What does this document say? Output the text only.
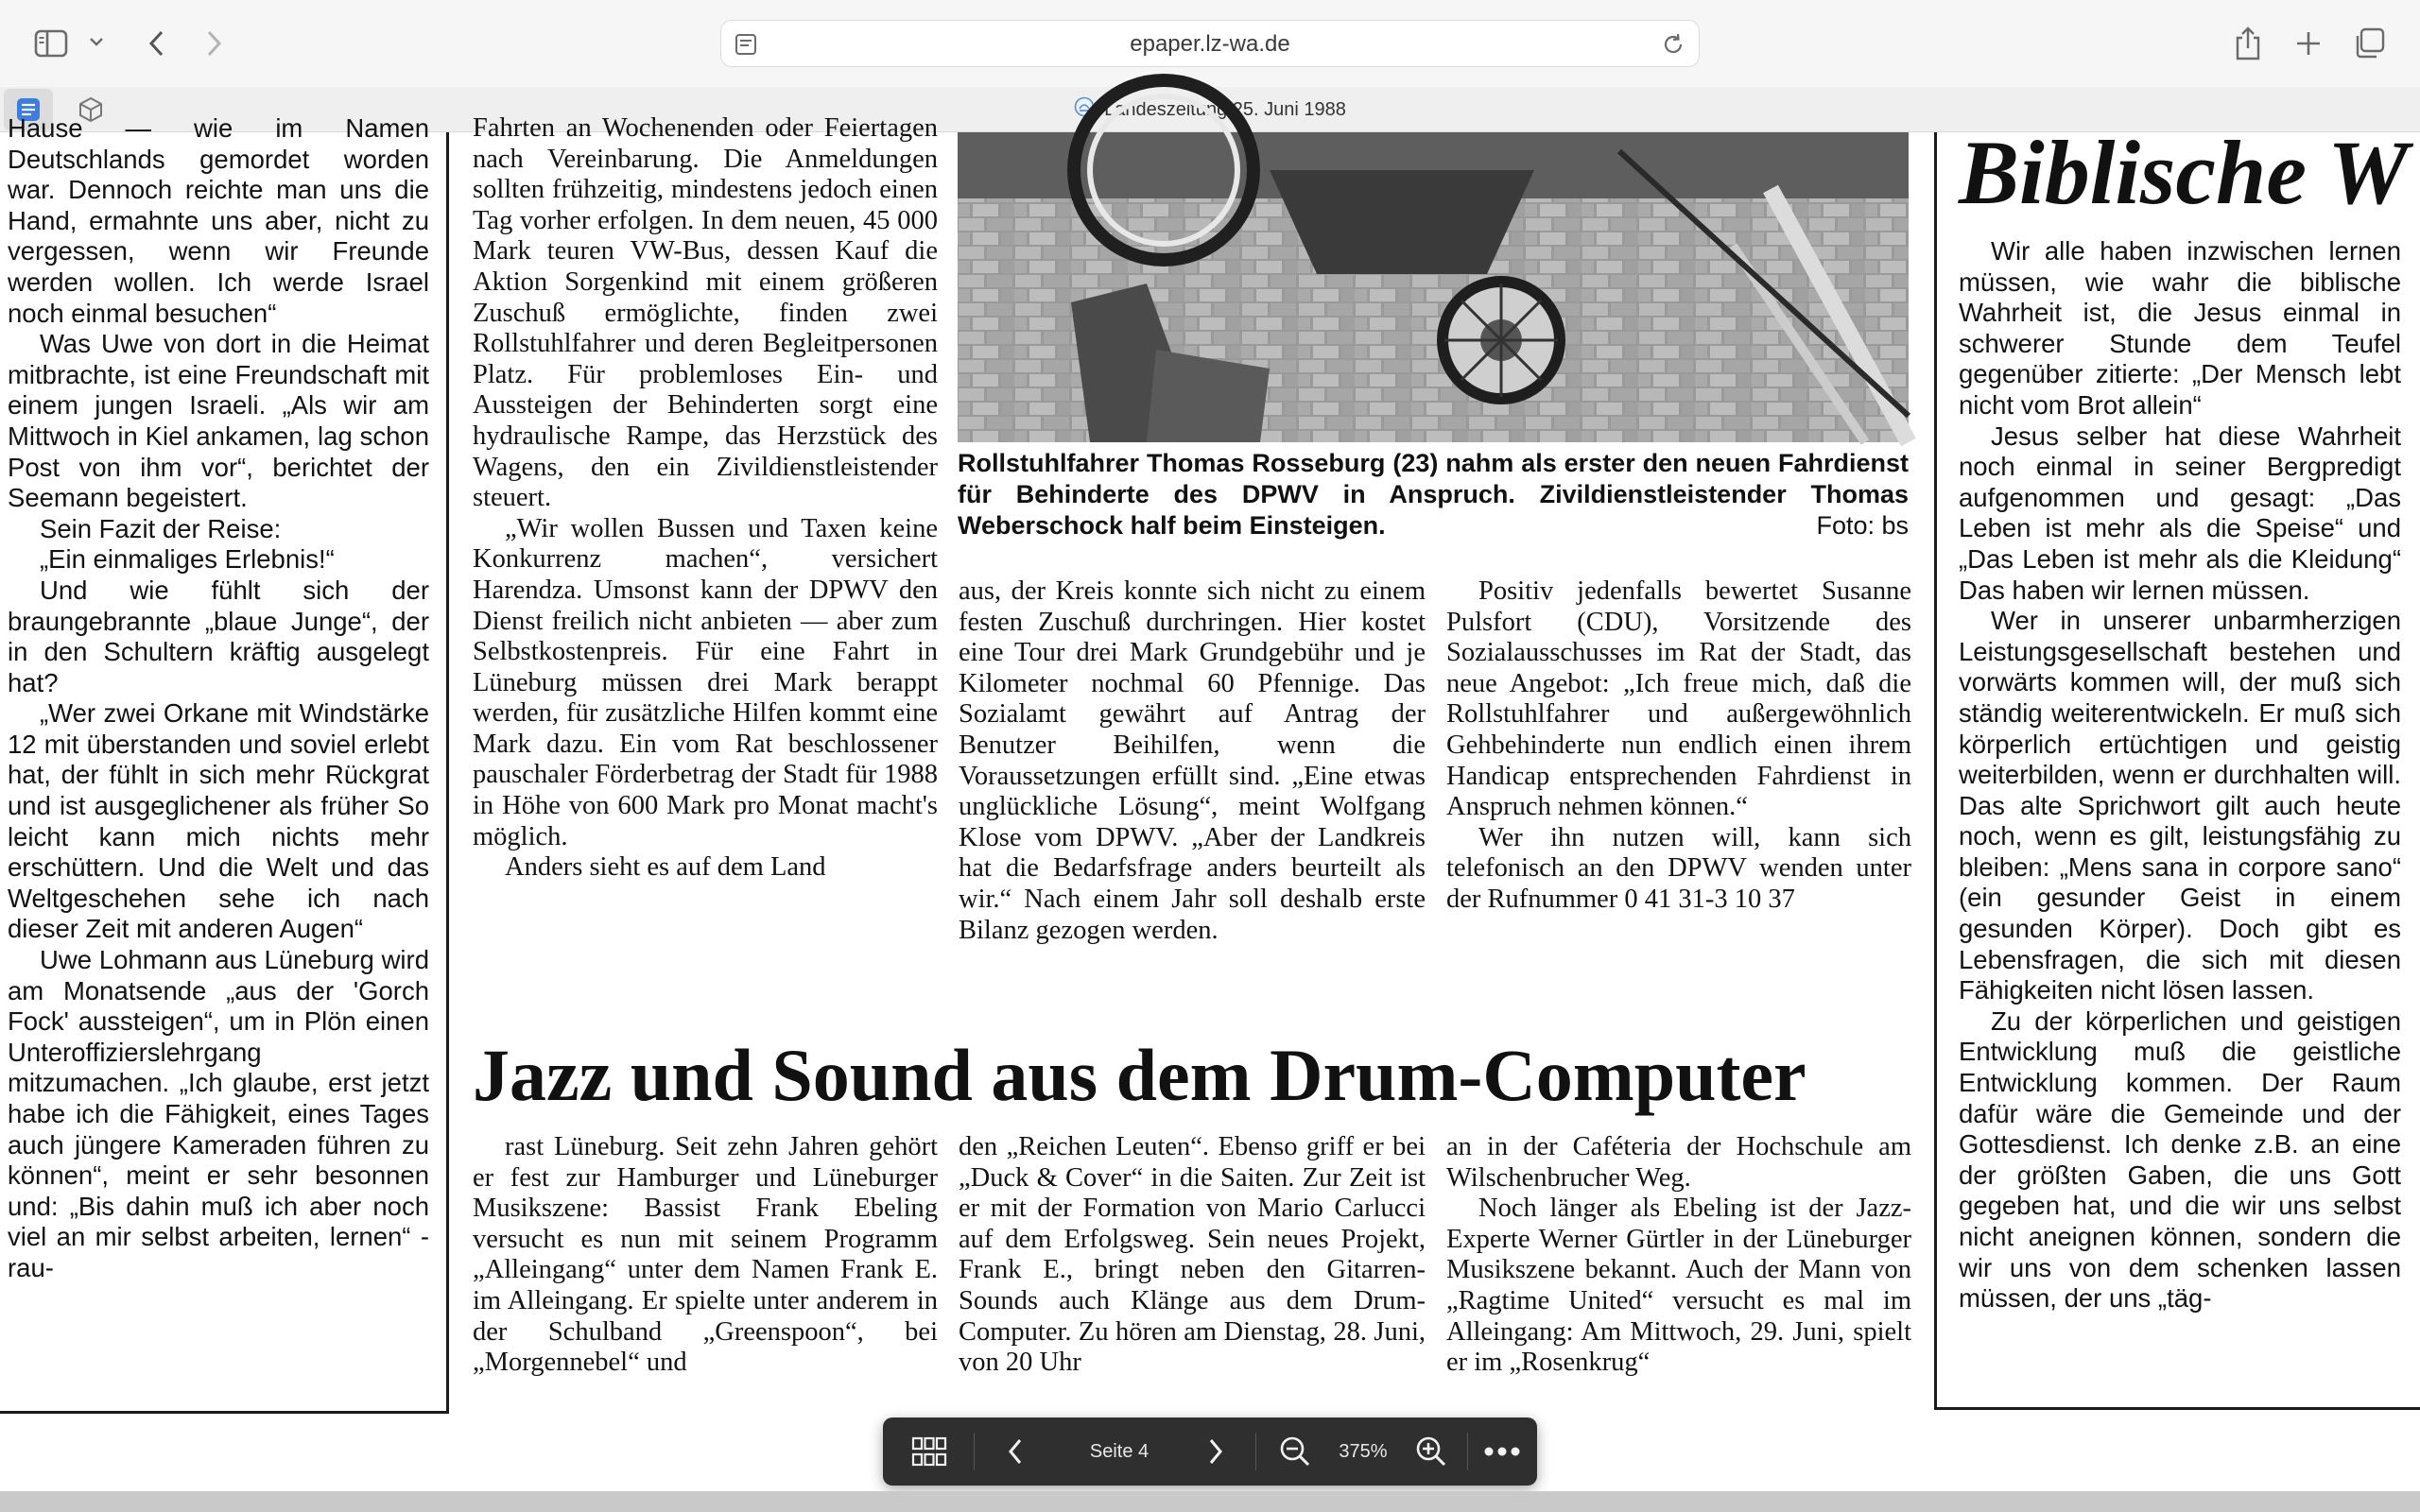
epaper.lz-wa.de
Landeszeitung 25. Juni 1988

Hause — wie im Namen Deutschlands gemordet worden war. Dennoch reichte man uns die Hand, ermahnte uns aber, nicht zu vergessen, wenn wir Freunde werden wollen. Ich werde Israel noch einmal besuchen“

Was Uwe von dort in die Heimat mitbrachte, ist eine Freundschaft mit einem jungen Israeli. „Als wir am Mittwoch in Kiel ankamen, lag schon Post von ihm vor“, berichtet der Seemann begeistert.

Sein Fazit der Reise:

„Ein einmaliges Erlebnis!“

Und wie fühlt sich der braungebrannte „blaue Junge“, der in den Schultern kräftig ausgelegt hat?

„Wer zwei Orkane mit Windstärke 12 mit überstanden und soviel erlebt hat, der fühlt in sich mehr Rückgrat und ist ausgeglichener als früher So leicht kann mich nichts mehr erschüttern. Und die Welt und das Weltgeschehen sehe ich nach dieser Zeit mit anderen Augen“

Uwe Lohmann aus Lüneburg wird am Monatsende „aus der 'Gorch Fock' aussteigen“, um in Plön einen Unteroffizierslehrgang mitzumachen. „Ich glaube, erst jetzt habe ich die Fähigkeit, eines Tages auch jüngere Kameraden führen zu können“, meint er sehr besonnen und: „Bis dahin muß ich aber noch viel an mir selbst arbeiten, lernen“ -rau-

Fahrten an Wochenenden oder Feiertagen nach Vereinbarung. Die Anmeldungen sollten frühzeitig, mindestens jedoch einen Tag vorher erfolgen. In dem neuen, 45 000 Mark teuren VW-Bus, dessen Kauf die Aktion Sorgenkind mit einem größeren Zuschuß ermöglichte, finden zwei Rollstuhlfahrer und deren Begleitpersonen Platz. Für problemloses Ein- und Aussteigen der Behinderten sorgt eine hydraulische Rampe, das Herzstück des Wagens, den ein Zivildienstleistender steuert.

„Wir wollen Bussen und Taxen keine Konkurrenz machen“, versichert Harendza. Umsonst kann der DPWV den Dienst freilich nicht anbieten — aber zum Selbstkostenpreis. Für eine Fahrt in Lüneburg müssen drei Mark berappt werden, für zusätzliche Hilfen kommt eine Mark dazu. Ein vom Rat beschlossener pauschaler Förderbetrag der Stadt für 1988 in Höhe von 600 Mark pro Monat macht's möglich.

Anders sieht es auf dem Land

Rollstuhlfahrer Thomas Rosseburg (23) nahm als erster den neuen Fahrdienst für Behinderte des DPWV in Anspruch. Zivildienstleistender Thomas Weberschock half beim Einsteigen.	Foto: bs

aus, der Kreis konnte sich nicht zu einem festen Zuschuß durchringen. Hier kostet eine Tour drei Mark Grundgebühr und je Kilometer nochmal 60 Pfennige. Das Sozialamt gewährt auf Antrag der Benutzer Beihilfen, wenn die Voraussetzungen erfüllt sind. „Eine etwas unglückliche Lösung“, meint Wolfgang Klose vom DPWV. „Aber der Landkreis hat die Bedarfsfrage anders beurteilt als wir.“ Nach einem Jahr soll deshalb erste Bilanz gezogen werden.

Positiv jedenfalls bewertet Susanne Pulsfort (CDU), Vorsitzende des Sozialausschusses im Rat der Stadt, das neue Angebot: „Ich freue mich, daß die Rollstuhlfahrer und außergewöhnlich Gehbehinderte nun endlich einen ihrem Handicap entsprechenden Fahrdienst in Anspruch nehmen können.“

Wer ihn nutzen will, kann sich telefonisch an den DPWV wenden unter der Rufnummer 0 41 31-3 10 37

Jazz und Sound aus dem Drum-Computer

rast Lüneburg. Seit zehn Jahren gehört er fest zur Hamburger und Lüneburger Musikszene: Bassist Frank Ebeling versucht es nun mit seinem Programm „Alleingang“ unter dem Namen Frank E. im Alleingang. Er spielte unter anderem in der Schulband „Greenspoon“, bei „Morgennebel“ und

den „Reichen Leuten“. Ebenso griff er bei „Duck & Cover“ in die Saiten. Zur Zeit ist er mit der Formation von Mario Carlucci auf dem Erfolgsweg. Sein neues Projekt, Frank E., bringt neben den Gitarren-Sounds auch Klänge aus dem Drum-Computer. Zu hören am Dienstag, 28. Juni, von 20 Uhr

an in der Caféteria der Hochschule am Wilschenbrucher Weg.

Noch länger als Ebeling ist der Jazz-Experte Werner Gürtler in der Lüneburger Musikszene bekannt. Auch der Mann von „Ragtime United“ versucht es mal im Alleingang: Am Mittwoch, 29. Juni, spielt er im „Rosenkrug“

Biblische W

Wir alle haben inzwischen lernen müssen, wie wahr die biblische Wahrheit ist, die Jesus einmal in schwerer Stunde dem Teufel gegenüber zitierte: „Der Mensch lebt nicht vom Brot allein“

Jesus selber hat diese Wahrheit noch einmal in seiner Bergpredigt aufgenommen und gesagt: „Das Leben ist mehr als die Speise“ und „Das Leben ist mehr als die Kleidung“ Das haben wir lernen müssen.

Wer in unserer unbarmherzigen Leistungsgesellschaft bestehen und vorwärts kommen will, der muß sich ständig weiterentwickeln. Er muß sich körperlich ertüchtigen und geistig weiterbilden, wenn er durchhalten will. Das alte Sprichwort gilt auch heute noch, wenn es gilt, leistungsfähig zu bleiben: „Mens sana in corpore sano“ (ein gesunder Geist in einem gesunden Körper). Doch gibt es Lebensfragen, die sich mit diesen Fähigkeiten nicht lösen lassen.

Zu der körperlichen und geistigen Entwicklung muß die geistliche Entwicklung kommen. Der Raum dafür wäre die Gemeinde und der Gottesdienst. Ich denke z.B. an eine der größten Gaben, die uns Gott gegeben hat, und die wir uns selbst nicht aneignen können, sondern die wir uns von dem schenken lassen müssen, der uns „täg-

Seite 4	375%
